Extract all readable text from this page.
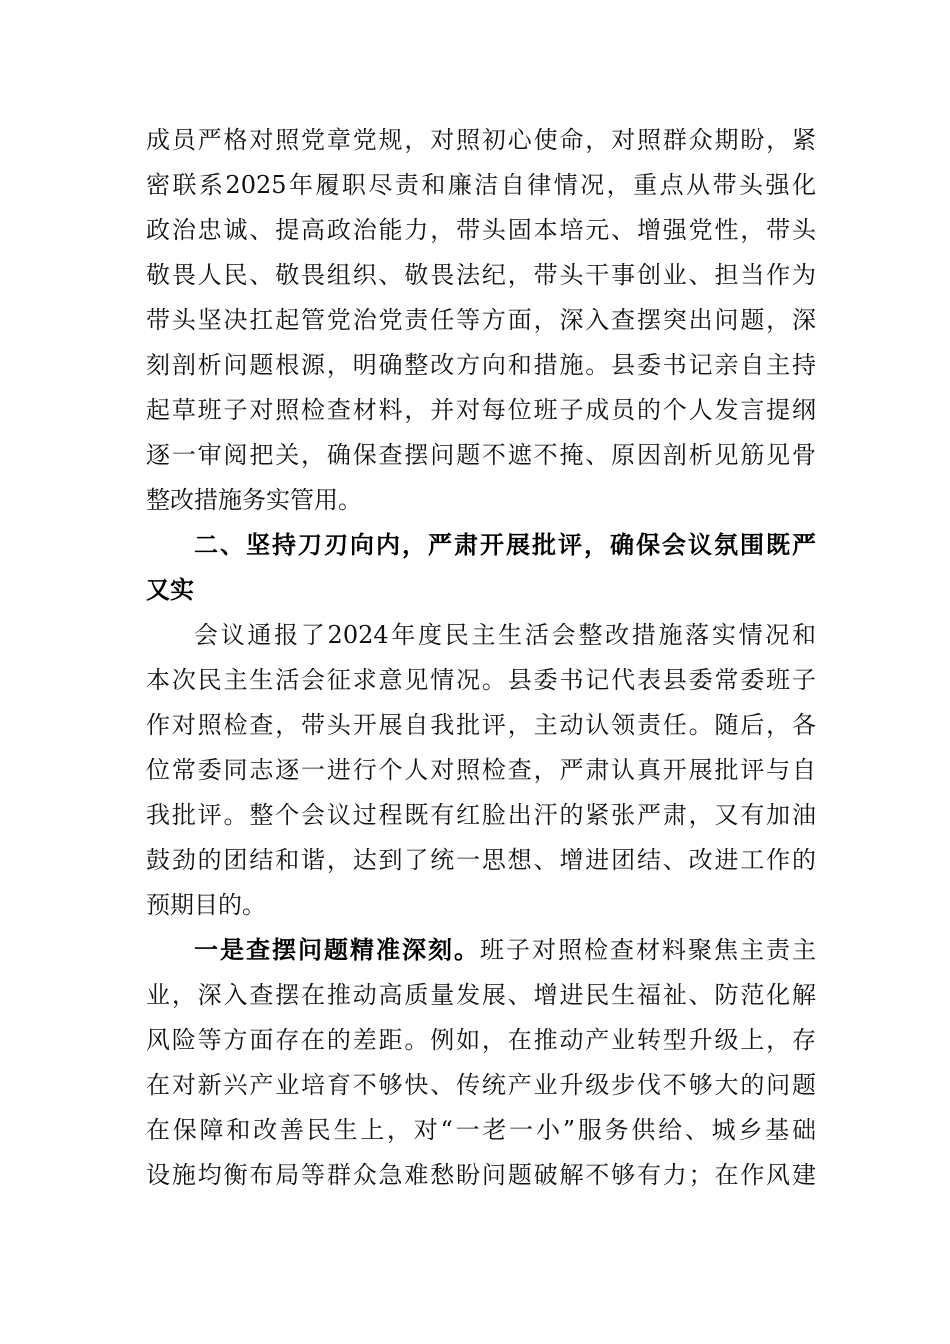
成员严格对照党章党规，对照初心使命，对照群众期盼，紧
密联系2025年履职尽责和廉洁自律情况，重点从带头强化
政治忠诚、提高政治能力，带头固本培元、增强党性，带头
敬畏人民、敬畏组织、敬畏法纪，带头干事创业、担当作为
带头坚决扛起管党治党责任等方面，深入查摆突出问题，深
刻剖析问题根源，明确整改方向和措施。县委书记亲自主持
起草班子对照检查材料，并对每位班子成员的个人发言提纲
逐一审阅把关，确保查摆问题不遮不掩、原因剖析见筋见骨
整改措施务实管用。
二、坚持刀刃向内，严肃开展批评，确保会议氛围既严
又实
会议通报了2024年度民主生活会整改措施落实情况和
本次民主生活会征求意见情况。县委书记代表县委常委班子
作对照检查，带头开展自我批评，主动认领责任。随后，各
位常委同志逐一进行个人对照检查，严肃认真开展批评与自
我批评。整个会议过程既有红脸出汗的紧张严肃，又有加油
鼓劲的团结和谐，达到了统一思想、增进团结、改进工作的
预期目的。
一是查摆问题精准深刻。班子对照检查材料聚焦主责主
业，深入查摆在推动高质量发展、增进民生福祉、防范化解
风险等方面存在的差距。例如，在推动产业转型升级上，存
在对新兴产业培育不够快、传统产业升级步伐不够大的问题
在保障和改善民生上，对“一老一小”服务供给、城乡基础
设施均衡布局等群众急难愁盼问题破解不够有力；在作风建
